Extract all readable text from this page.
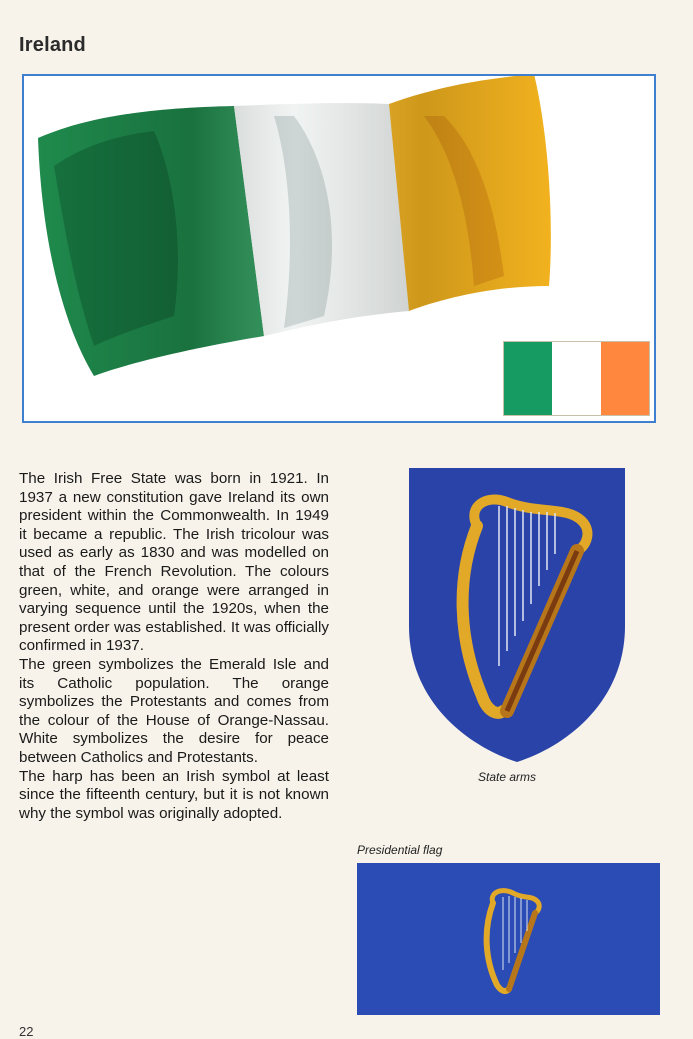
Ireland

The Irish Free State was born in 1921. In 1937 a new constitution gave Ireland its own president within the Commonwealth. In 1949 it became a republic. The Irish tricolour was used as early as 1830 and was modelled on that of the French Revolution. The colours green, white, and orange were arranged in varying sequence until the 1920s, when the present order was established. It was officially confirmed in 1937.

The green symbolizes the Emerald Isle and its Catholic population. The orange symbolizes the Protestants and comes from the colour of the House of Orange-Nassau. White symbolizes the desire for peace between Catholics and Protestants.

The harp has been an Irish symbol at least since the fifteenth century, but it is not known why the symbol was originally adopted.

State arms
Presidential flag
22
